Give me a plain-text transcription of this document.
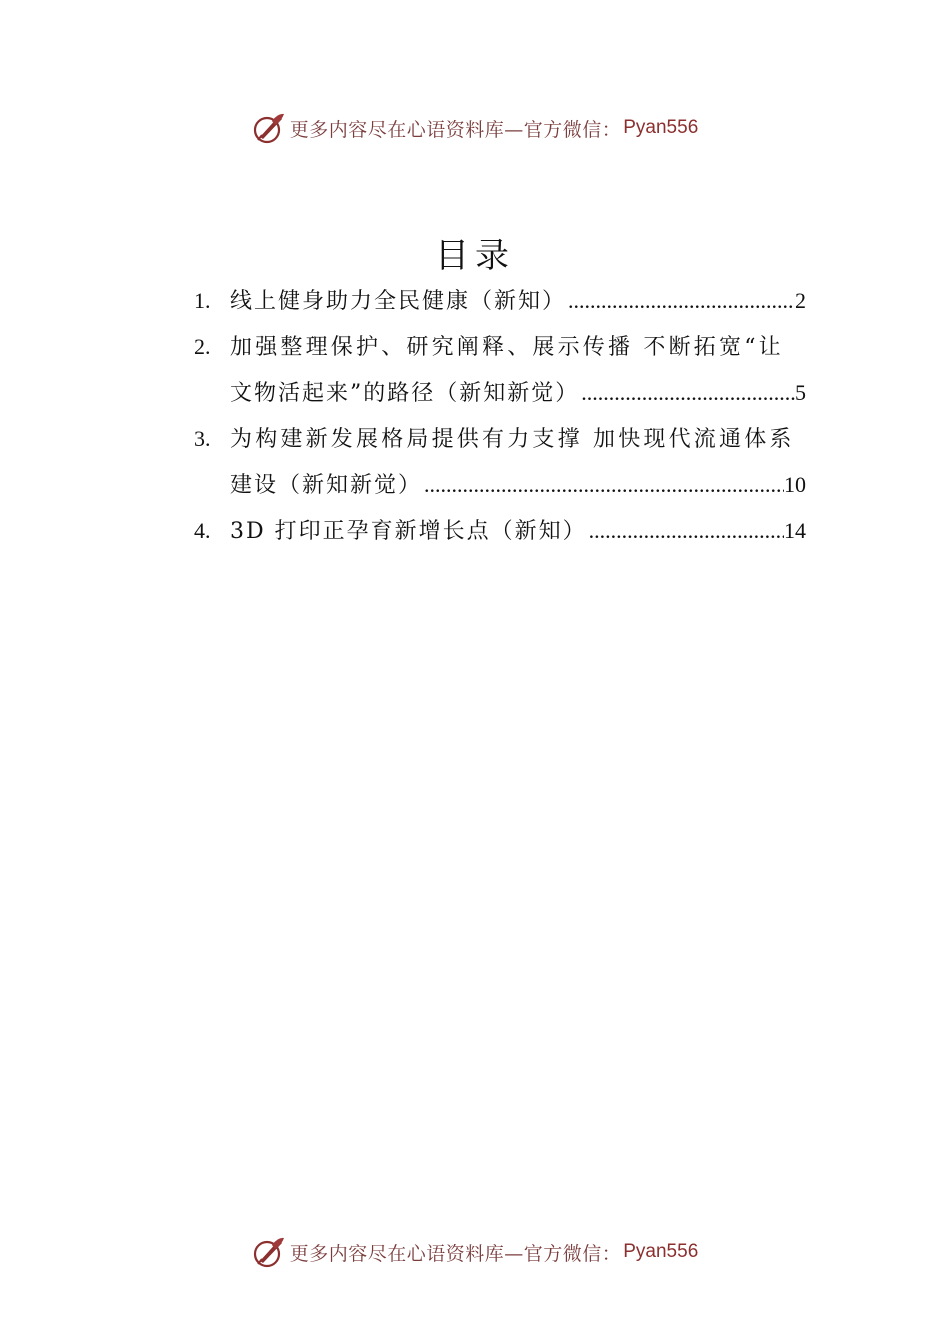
更多内容尽在心语资料库—官方微信： Pyan556
目录
1. 线上健身助力全民健康（新知） .....	2
2. 加强整理保护、研究阐释、展示传播 不断拓宽“让
文物活起来”的路径（新知新觉） .....	5
3. 为构建新发展格局提供有力支撑 加快现代流通体系
建设（新知新觉） .....	10
4. 3D 打印正孕育新增长点（新知） .....	14
更多内容尽在心语资料库—官方微信： Pyan556
